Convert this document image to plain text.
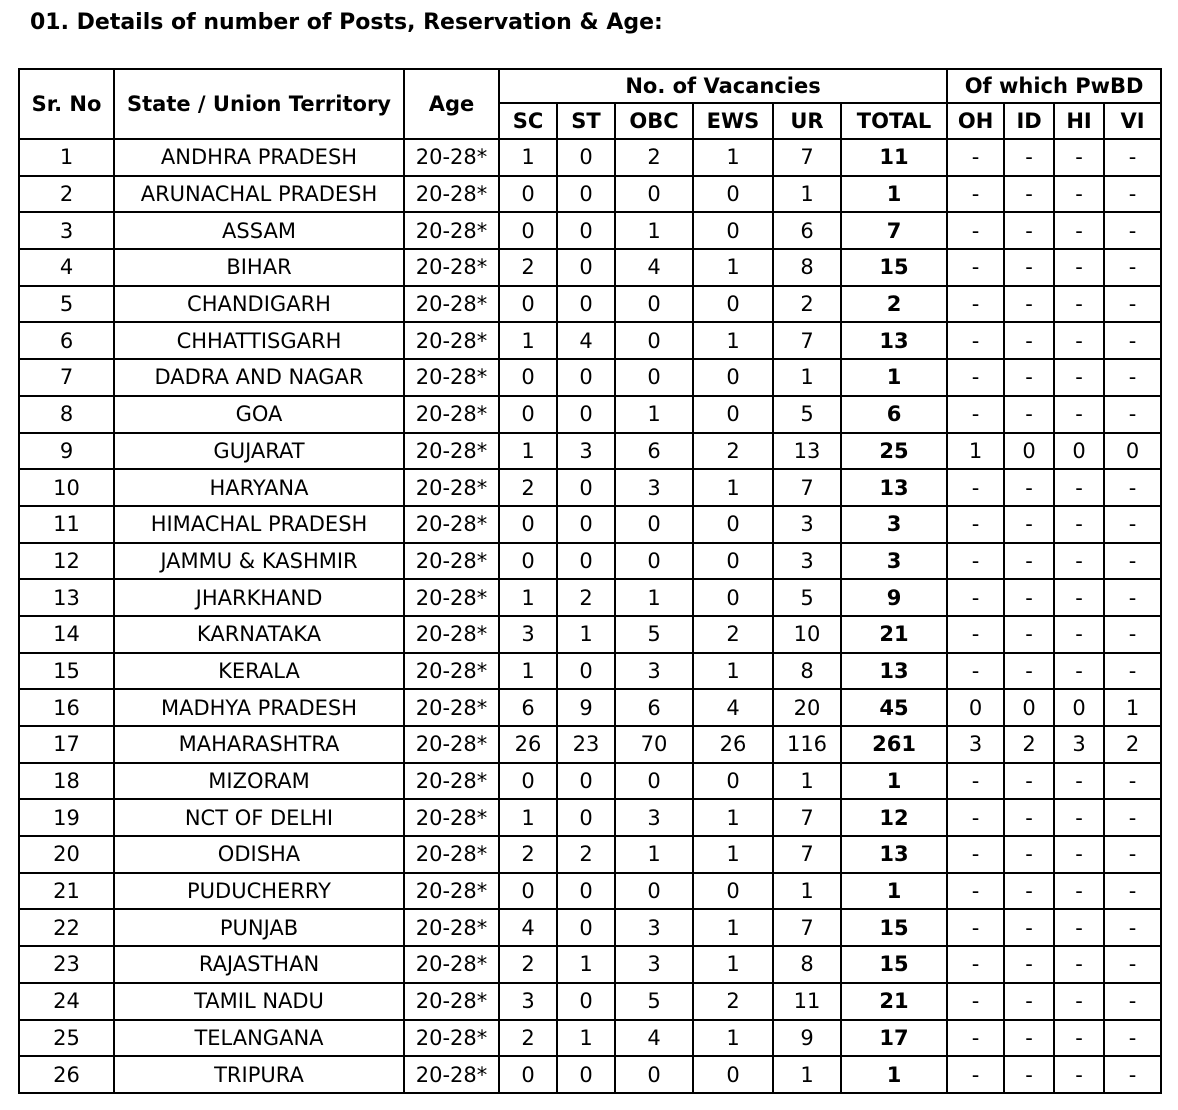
01. Details of number of Posts, Reservation & Age:
Sr. No	State / Union Territory	Age	No. of Vacancies						Of which PwBD			
			SC	ST	OBC	EWS	UR	TOTAL	OH	ID	HI	VI
1	ANDHRA PRADESH	20-28*	1	0	2	1	7	11	-	-	-	-
2	ARUNACHAL PRADESH	20-28*	0	0	0	0	1	1	-	-	-	-
3	ASSAM	20-28*	0	0	1	0	6	7	-	-	-	-
4	BIHAR	20-28*	2	0	4	1	8	15	-	-	-	-
5	CHANDIGARH	20-28*	0	0	0	0	2	2	-	-	-	-
6	CHHATTISGARH	20-28*	1	4	0	1	7	13	-	-	-	-
7	DADRA AND NAGAR	20-28*	0	0	0	0	1	1	-	-	-	-
8	GOA	20-28*	0	0	1	0	5	6	-	-	-	-
9	GUJARAT	20-28*	1	3	6	2	13	25	1	0	0	0
10	HARYANA	20-28*	2	0	3	1	7	13	-	-	-	-
11	HIMACHAL PRADESH	20-28*	0	0	0	0	3	3	-	-	-	-
12	JAMMU & KASHMIR	20-28*	0	0	0	0	3	3	-	-	-	-
13	JHARKHAND	20-28*	1	2	1	0	5	9	-	-	-	-
14	KARNATAKA	20-28*	3	1	5	2	10	21	-	-	-	-
15	KERALA	20-28*	1	0	3	1	8	13	-	-	-	-
16	MADHYA PRADESH	20-28*	6	9	6	4	20	45	0	0	0	1
17	MAHARASHTRA	20-28*	26	23	70	26	116	261	3	2	3	2
18	MIZORAM	20-28*	0	0	0	0	1	1	-	-	-	-
19	NCT OF DELHI	20-28*	1	0	3	1	7	12	-	-	-	-
20	ODISHA	20-28*	2	2	1	1	7	13	-	-	-	-
21	PUDUCHERRY	20-28*	0	0	0	0	1	1	-	-	-	-
22	PUNJAB	20-28*	4	0	3	1	7	15	-	-	-	-
23	RAJASTHAN	20-28*	2	1	3	1	8	15	-	-	-	-
24	TAMIL NADU	20-28*	3	0	5	2	11	21	-	-	-	-
25	TELANGANA	20-28*	2	1	4	1	9	17	-	-	-	-
26	TRIPURA	20-28*	0	0	0	0	1	1	-	-	-	-
